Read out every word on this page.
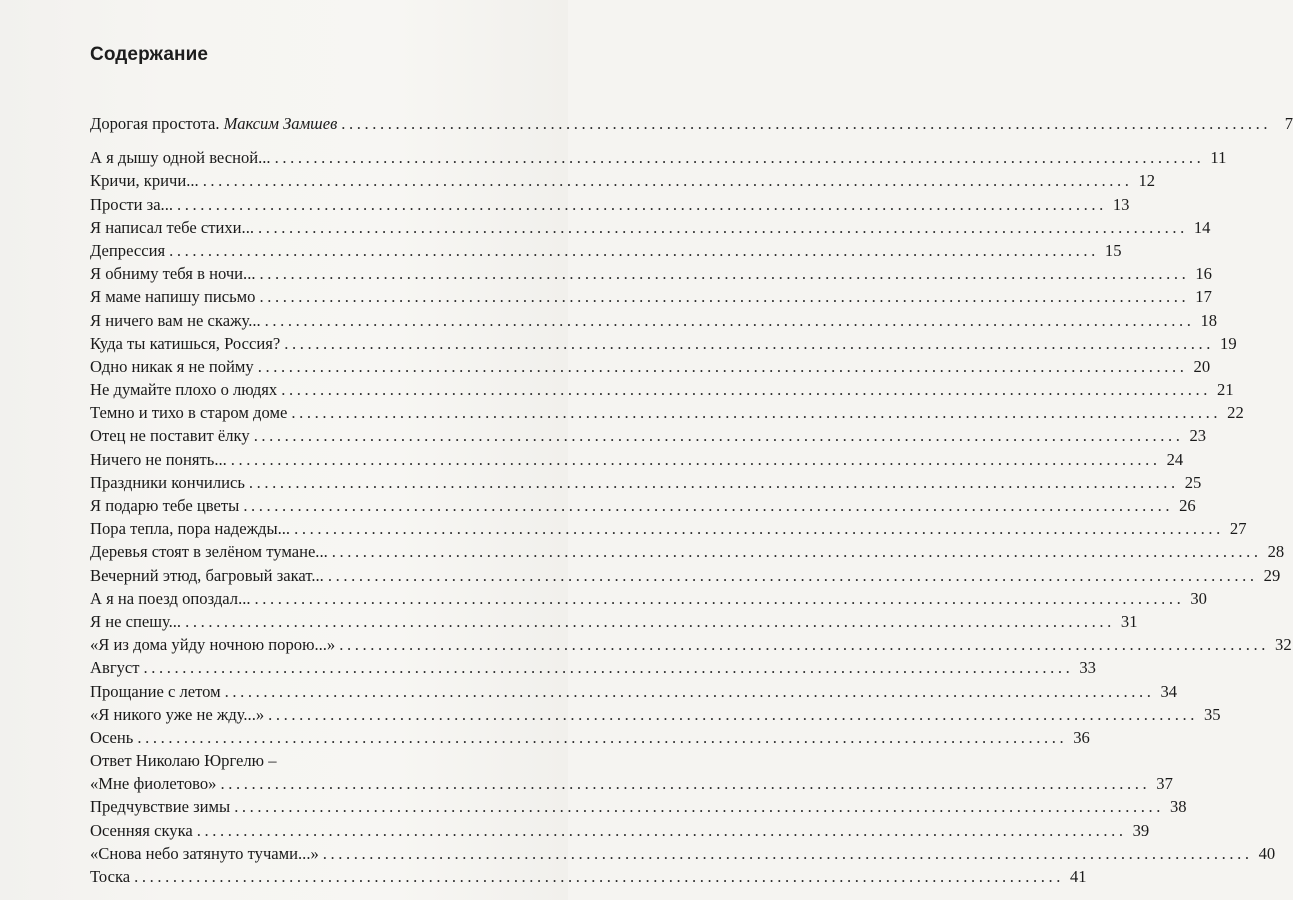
Содержание
Дорогая простота. Максим Замшев ........................................................................................................................ 7
А я дышу одной весной... ........................................................................................................................ 11
Кричи, кричи... ........................................................................................................................ 12
Прости за... ........................................................................................................................ 13
Я написал тебе стихи... ........................................................................................................................ 14
Депрессия ........................................................................................................................ 15
Я обниму тебя в ночи... ........................................................................................................................ 16
Я маме напишу письмо ........................................................................................................................ 17
Я ничего вам не скажу... ........................................................................................................................ 18
Куда ты катишься, Россия? ........................................................................................................................ 19
Одно никак я не пойму ........................................................................................................................ 20
Не думайте плохо о людях ........................................................................................................................ 21
Темно и тихо в старом доме ........................................................................................................................ 22
Отец не поставит ёлку ........................................................................................................................ 23
Ничего не понять... ........................................................................................................................ 24
Праздники кончились ........................................................................................................................ 25
Я подарю тебе цветы ........................................................................................................................ 26
Пора тепла, пора надежды... ........................................................................................................................ 27
Деревья стоят в зелёном тумане... ........................................................................................................................ 28
Вечерний этюд, багровый закат... ........................................................................................................................ 29
А я на поезд опоздал... ........................................................................................................................ 30
Я не спешу... ........................................................................................................................ 31
«Я из дома уйду ночною порою...» ........................................................................................................................ 32
Август ........................................................................................................................ 33
Прощание с летом ........................................................................................................................ 34
«Я никого уже не жду...» ........................................................................................................................ 35
Осень ........................................................................................................................ 36
Ответ Николаю Юргелю –
«Мне фиолетово» ........................................................................................................................ 37
Предчувствие зимы ........................................................................................................................ 38
Осенняя скука ........................................................................................................................ 39
«Снова небо затянуто тучами...» ........................................................................................................................ 40
Тоска ........................................................................................................................ 41
